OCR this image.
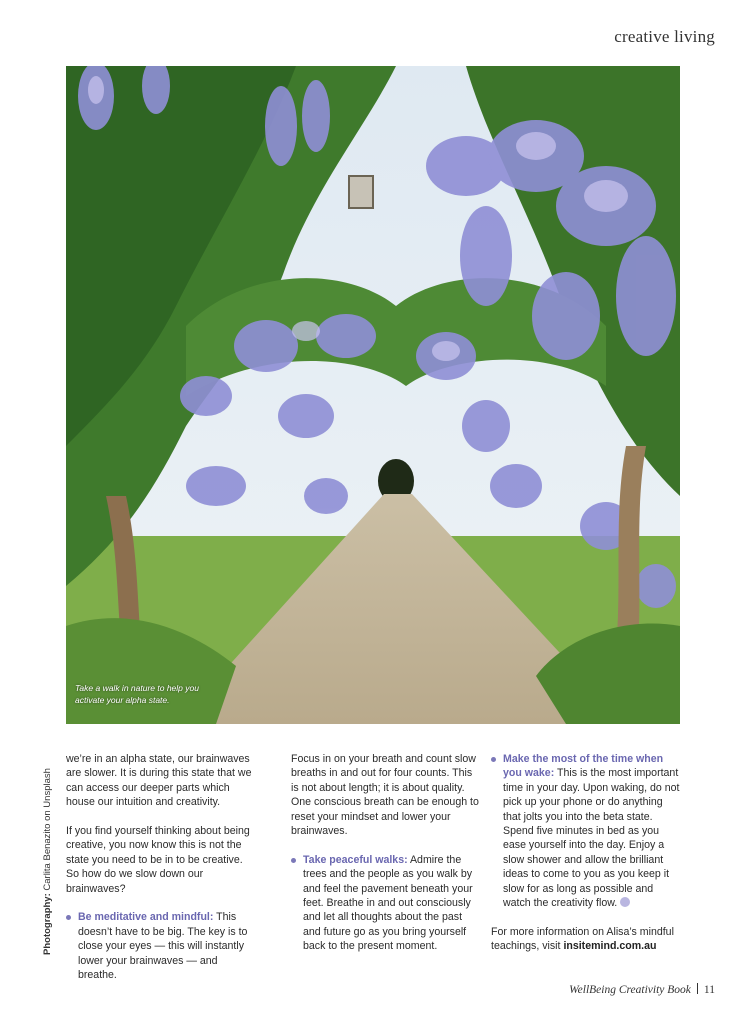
creative living
Take a walk in nature to help you activate your alpha state.
Photography: Carlita Benazito on Unsplash

we’re in an alpha state, our brainwaves are slower. It is during this state that we can access our deeper parts which house our intuition and creativity.

If you find yourself thinking about being creative, you now know this is not the state you need to be in to be creative. So how do we slow down our brainwaves?

Be meditative and mindful: This doesn’t have to be big. The key is to close your eyes — this will instantly lower your brainwaves — and breathe.

Focus in on your breath and count slow breaths in and out for four counts. This is not about length; it is about quality. One conscious breath can be enough to reset your mindset and lower your brainwaves.

Take peaceful walks: Admire the trees and the people as you walk by and feel the pavement beneath your feet. Breathe in and out consciously and let all thoughts about the past and future go as you bring yourself back to the present moment.
Make the most of the time when you wake: This is the most important time in your day. Upon waking, do not pick up your phone or do anything that jolts you into the beta state. Spend five minutes in bed as you ease yourself into the day. Enjoy a slow shower and allow the brilliant ideas to come to you as you keep it slow for as long as possible and watch the creativity flow.

For more information on Alisa’s mindful teachings, visit insitemind.com.au

WellBeing Creativity Book 11
